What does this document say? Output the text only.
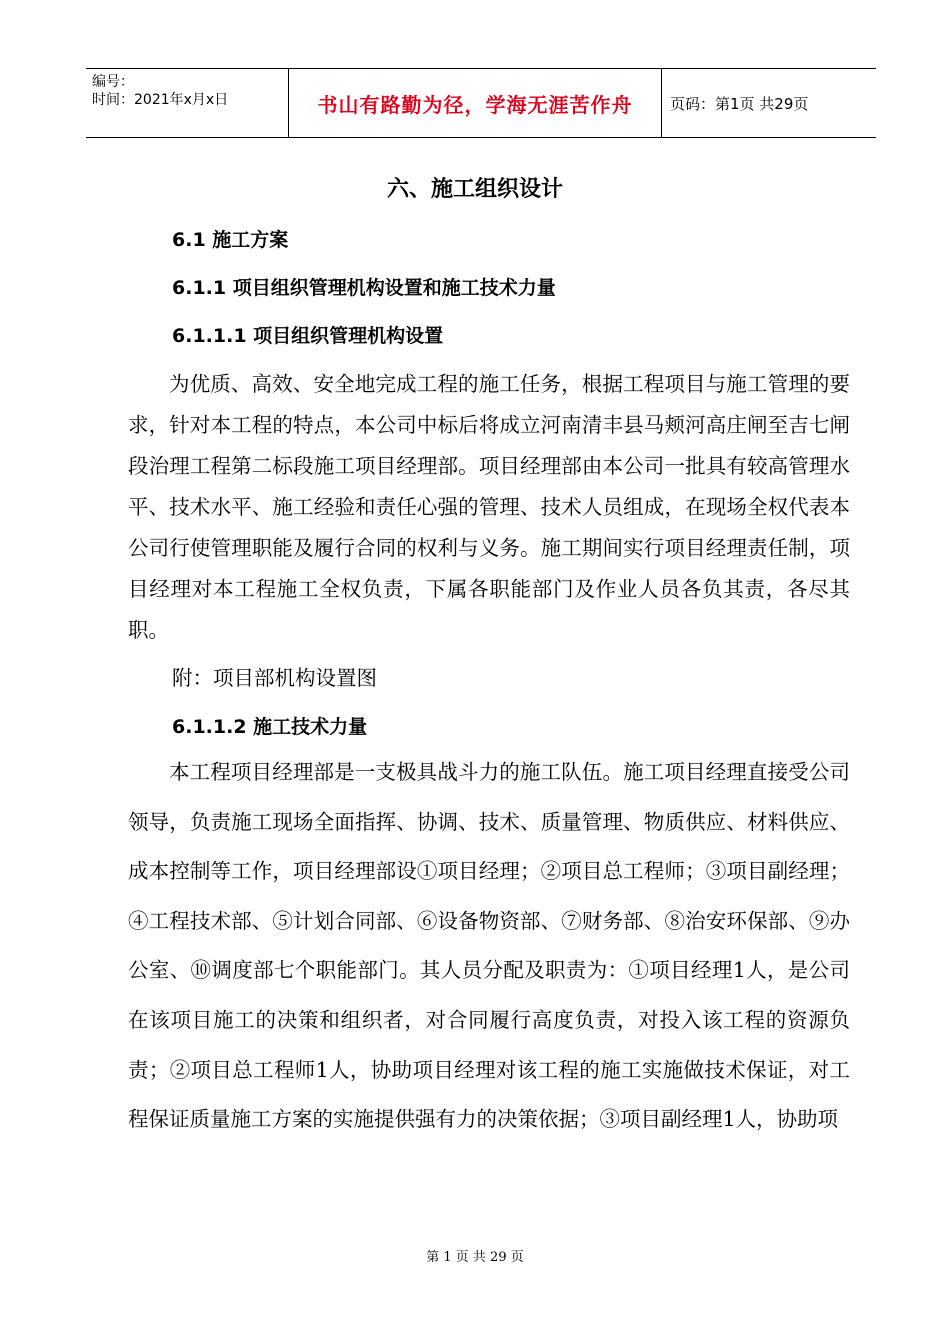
编号：
时间：2021年x月x日	书山有路勤为径，学海无涯苦作舟	页码：第1页 共29页
六、施工组织设计
6.1 施工方案
6.1.1 项目组织管理机构设置和施工技术力量
6.1.1.1 项目组织管理机构设置
为优质、高效、安全地完成工程的施工任务，根据工程项目与施工管理的要求，针对本工程的特点，本公司中标后将成立河南清丰县马颊河高庄闸至吉七闸段治理工程第二标段施工项目经理部。项目经理部由本公司一批具有较高管理水平、技术水平、施工经验和责任心强的管理、技术人员组成，在现场全权代表本公司行使管理职能及履行合同的权利与义务。施工期间实行项目经理责任制，项目经理对本工程施工全权负责，下属各职能部门及作业人员各负其责，各尽其职。
附：项目部机构设置图
6.1.1.2 施工技术力量
本工程项目经理部是一支极具战斗力的施工队伍。施工项目经理直接受公司领导，负责施工现场全面指挥、协调、技术、质量管理、物质供应、材料供应、成本控制等工作，项目经理部设①项目经理；②项目总工程师；③项目副经理；④工程技术部、⑤计划合同部、⑥设备物资部、⑦财务部、⑧治安环保部、⑨办公室、⑩调度部七个职能部门。其人员分配及职责为：①项目经理1人，是公司在该项目施工的决策和组织者，对合同履行高度负责，对投入该工程的资源负责；②项目总工程师1人，协助项目经理对该工程的施工实施做技术保证，对工程保证质量施工方案的实施提供强有力的决策依据；③项目副经理1人，协助项
第 1 页 共 29 页
